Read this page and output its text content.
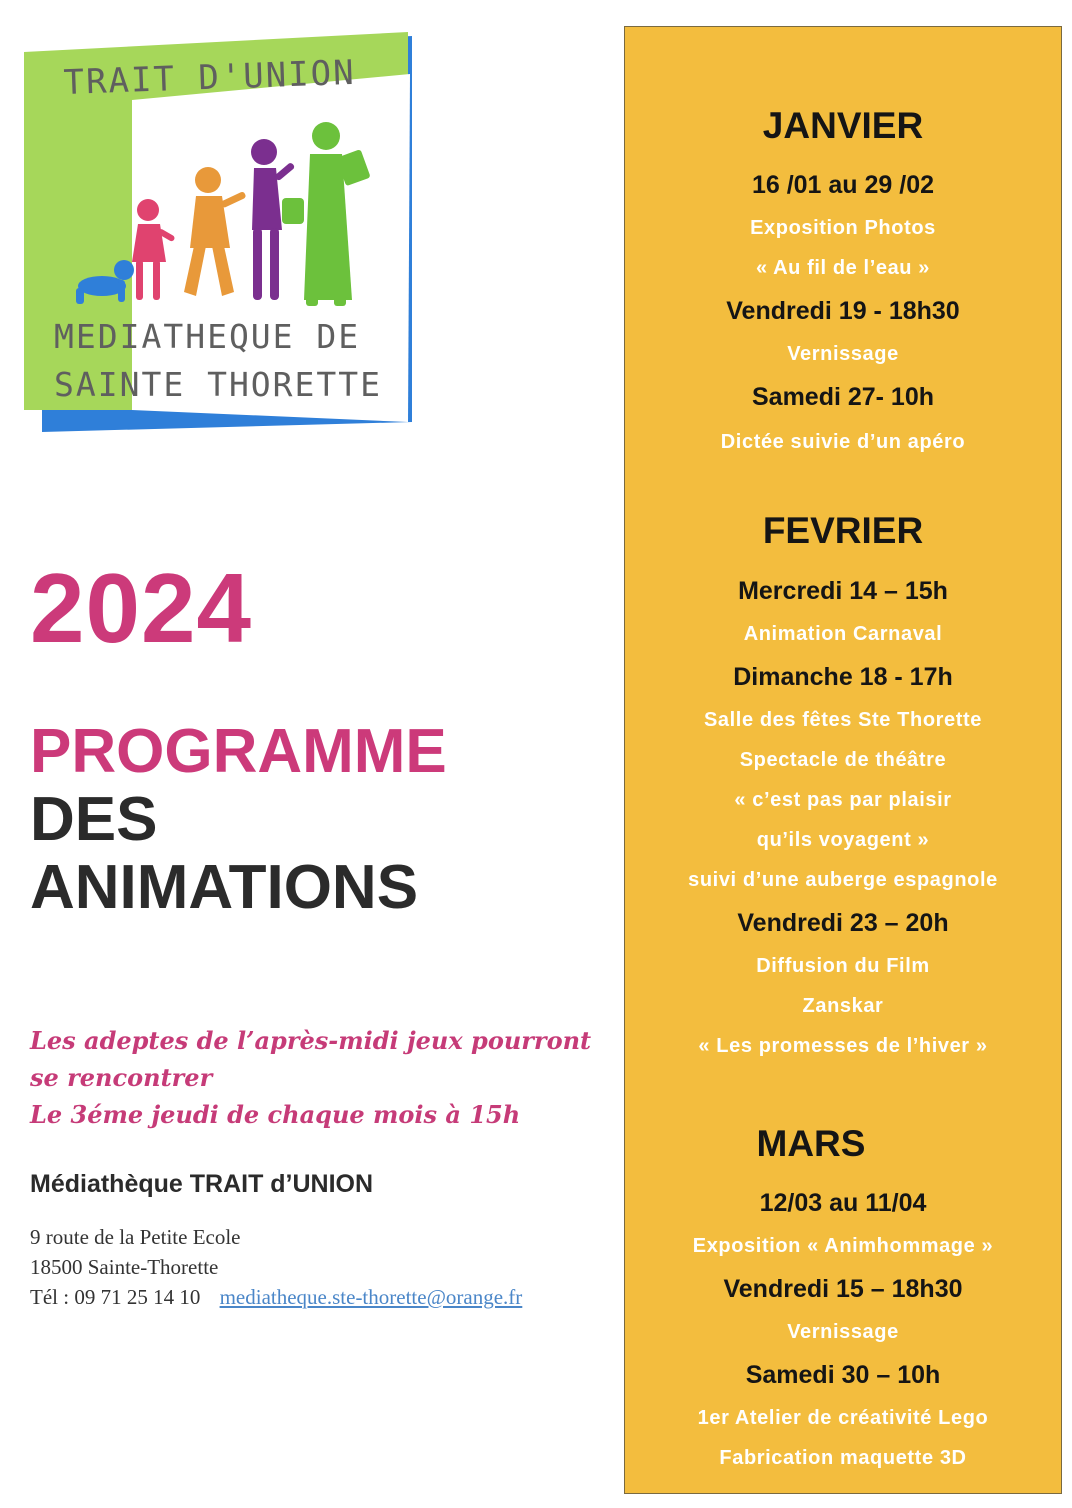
TRAIT D'UNION
MEDIATHEQUE DE
SAINTE THORETTE
2024
PROGRAMME
DES
ANIMATIONS
Les adeptes de l’après-midi jeux pourront
se rencontrer
Le 3éme jeudi de chaque mois à 15h
Médiathèque TRAIT d’UNION
9 route de la Petite Ecole
18500 Sainte-Thorette
Tél : 09 71 25 14 10 mediatheque.ste-thorette@orange.fr
JANVIER
16 /01 au 29 /02
Exposition Photos
« Au fil de l’eau »
Vendredi 19 - 18h30
Vernissage
Samedi 27- 10h
Dictée suivie d’un apéro
FEVRIER
Mercredi 14 – 15h
Animation Carnaval
Dimanche 18 - 17h
Salle des fêtes Ste Thorette
Spectacle de théâtre
« c’est pas par plaisir
qu’ils voyagent »
suivi d’une auberge espagnole
Vendredi 23 – 20h
Diffusion du Film
Zanskar
« Les promesses de l’hiver »
MARS
12/03 au 11/04
Exposition « Animhommage »
Vendredi 15 – 18h30
Vernissage
Samedi 30 – 10h
1er Atelier de créativité Lego
Fabrication maquette 3D
